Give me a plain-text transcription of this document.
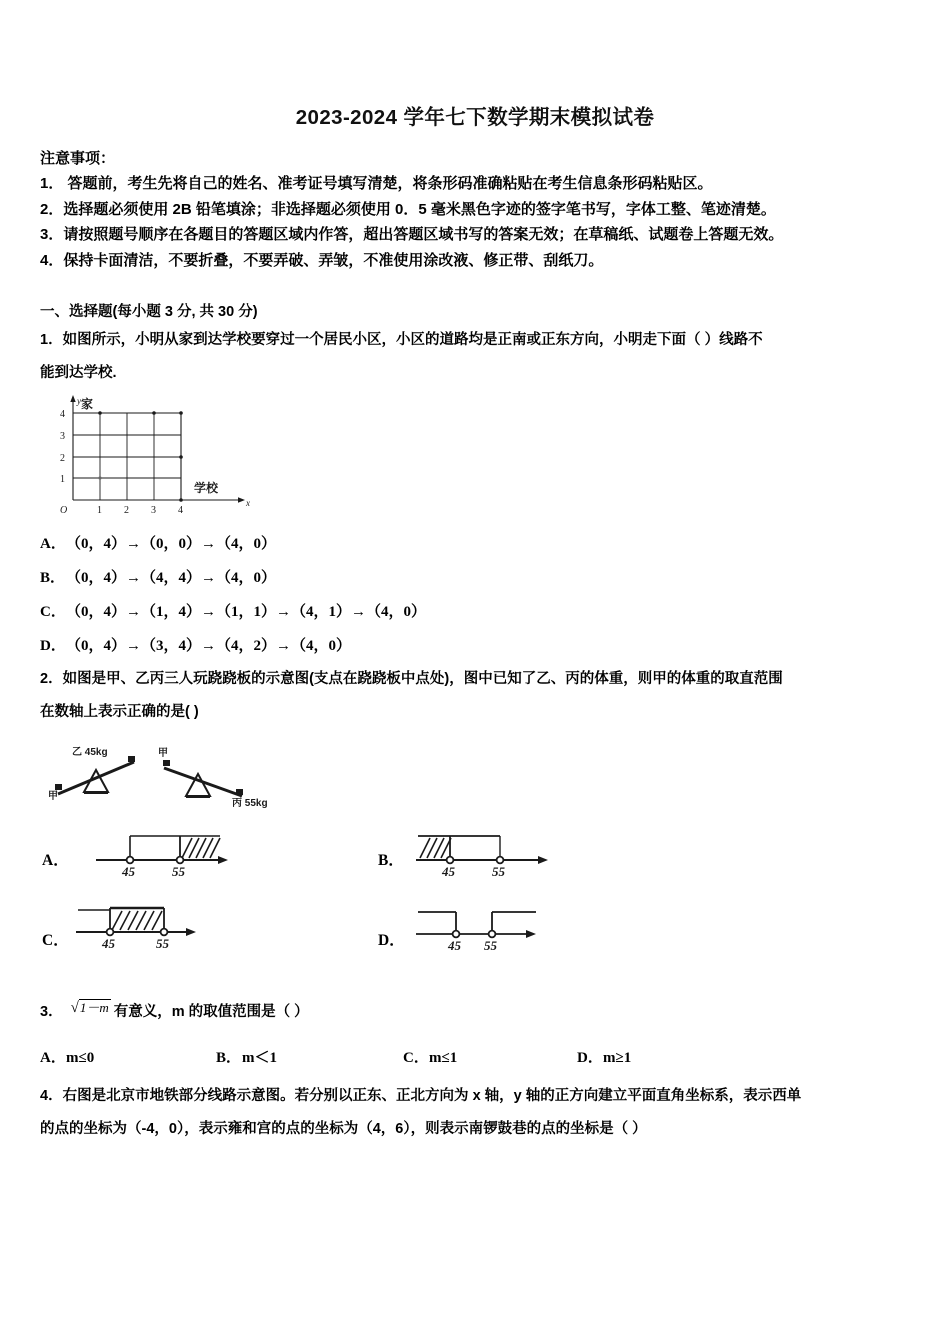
2023-2024 学年七下数学期末模拟试卷
注意事项：
1． 答题前，考生先将自己的姓名、准考证号填写清楚，将条形码准确粘贴在考生信息条形码粘贴区。
2．选择题必须使用 2B 铅笔填涂；非选择题必须使用 0．5 毫米黑色字迹的签字笔书写，字体工整、笔迹清楚。
3．请按照题号顺序在各题目的答题区域内作答，超出答题区域书写的答案无效；在草稿纸、试题卷上答题无效。
4．保持卡面清洁，不要折叠，不要弄破、弄皱，不准使用涂改液、修正带、刮纸刀。
一、选择题(每小题 3 分, 共 30 分)
1．如图所示，小明从家到达学校要穿过一个居民小区，小区的道路均是正南或正东方向，小明走下面（ ）线路不
能到达学校.
y
x
O
4
3
2
1
1 2 3 4
家
学校
A．（0，4）→（0，0）→（4，0）
B．（0，4）→（4，4）→（4，0）
C．（0，4）→（1，4）→（1，1）→（4，1）→（4，0）
D．（0，4）→（3，4）→（4，2）→（4，0）
2．如图是甲、乙丙三人玩跷跷板的示意图(支点在跷跷板中点处)，图中已知了乙、丙的体重，则甲的体重的取直范围
在数轴上表示正确的是( )
甲
乙 45kg	甲
丙 55kg
A．	B．
C．	D．
45	55	45	55
45	55	45 55
3． √1－m 有意义，m 的取值范围是（ ）
A．m≤0	B．m＜1	C．m≤1	D．m≥1
4．右图是北京市地铁部分线路示意图。若分别以正东、正北方向为 x 轴，y 轴的正方向建立平面直角坐标系，表示西单
的点的坐标为（-4，0），表示雍和宫的点的坐标为（4，6），则表示南锣鼓巷的点的坐标是（ ）
